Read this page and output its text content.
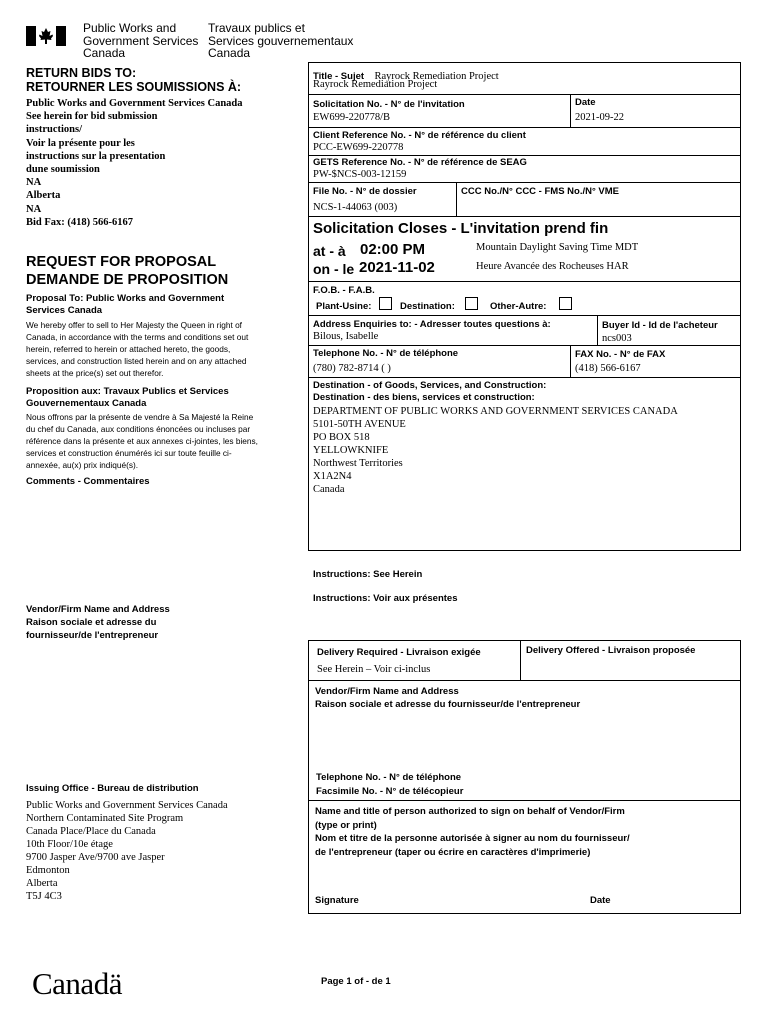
Public Works and
Government Services
Canada
Travaux publics et
Services gouvernementaux
Canada
RETURN BIDS TO:
RETOURNER LES SOUMISSIONS À:
Public Works and Government Services Canada
See herein for bid submission
instructions/
Voir la présente pour les
instructions sur la presentation
dune soumission
NA
Alberta
NA
Bid Fax: (418) 566-6167
REQUEST FOR PROPOSAL
DEMANDE DE PROPOSITION
Proposal To: Public Works and Government Services Canada
We hereby offer to sell to Her Majesty the Queen in right of Canada, in accordance with the terms and conditions set out herein, referred to herein or attached hereto, the goods, services, and construction listed herein and on any attached sheets at the price(s) set out therefor.
Proposition aux: Travaux Publics et Services Gouvernementaux Canada
Nous offrons par la présente de vendre à Sa Majesté la Reine du chef du Canada, aux conditions énoncées ou incluses par référence dans la présente et aux annexes ci-jointes, les biens, services et construction énumérés ici sur toute feuille ci-annexée, au(x) prix indiqué(s).
Comments - Commentaires
Vendor/Firm Name and Address
Raison sociale et adresse du
fournisseur/de l'entrepreneur
Issuing Office - Bureau de distribution
Public Works and Government Services Canada
Northern Contaminated Site Program
Canada Place/Place du Canada
10th Floor/10e étage
9700 Jasper Ave/9700 ave Jasper
Edmonton
Alberta
T5J 4C3
Title - Sujet Rayrock Remediation Project
Rayrock Remediation Project
Solicitation No. - N° de l'invitation
EW699-220778/B
Date
2021-09-22
Client Reference No. - N° de référence du client
PCC-EW699-220778
GETS Reference No. - N° de référence de SEAG
PW-$NCS-003-12159
File No. - N° de dossier
NCS-1-44063 (003)
CCC No./N° CCC - FMS No./N° VME
Solicitation Closes - L'invitation prend fin
at - à 02:00 PM
on - le 2021-11-02
Mountain Daylight Saving Time MDT
Heure Avancée des Rocheuses HAR
F.O.B. - F.A.B.
Plant-Usine:	Destination:	Other-Autre:
Address Enquiries to: - Adresser toutes questions à:
Bilous, Isabelle
Buyer Id - Id de l'acheteur
ncs003
Telephone No. - N° de téléphone
(780) 782-8714 ( )
FAX No. - N° de FAX
(418) 566-6167
Destination - of Goods, Services, and Construction:
Destination - des biens, services et construction:
DEPARTMENT OF PUBLIC WORKS AND GOVERNMENT SERVICES CANADA
5101-50TH AVENUE
PO BOX 518
YELLOWKNIFE
Northwest Territories
X1A2N4
Canada
Instructions: See Herein
Instructions: Voir aux présentes
Delivery Required - Livraison exigée
See Herein – Voir ci-inclus
Delivery Offered - Livraison proposée
Vendor/Firm Name and Address
Raison sociale et adresse du fournisseur/de l'entrepreneur
Telephone No. - N° de téléphone
Facsimile No. - N° de télécopieur
Name and title of person authorized to sign on behalf of Vendor/Firm
(type or print)
Nom et titre de la personne autorisée à signer au nom du fournisseur/
de l'entrepreneur (taper ou écrire en caractères d'imprimerie)
Signature	Date
Canadä	Page 1 of - de 1
